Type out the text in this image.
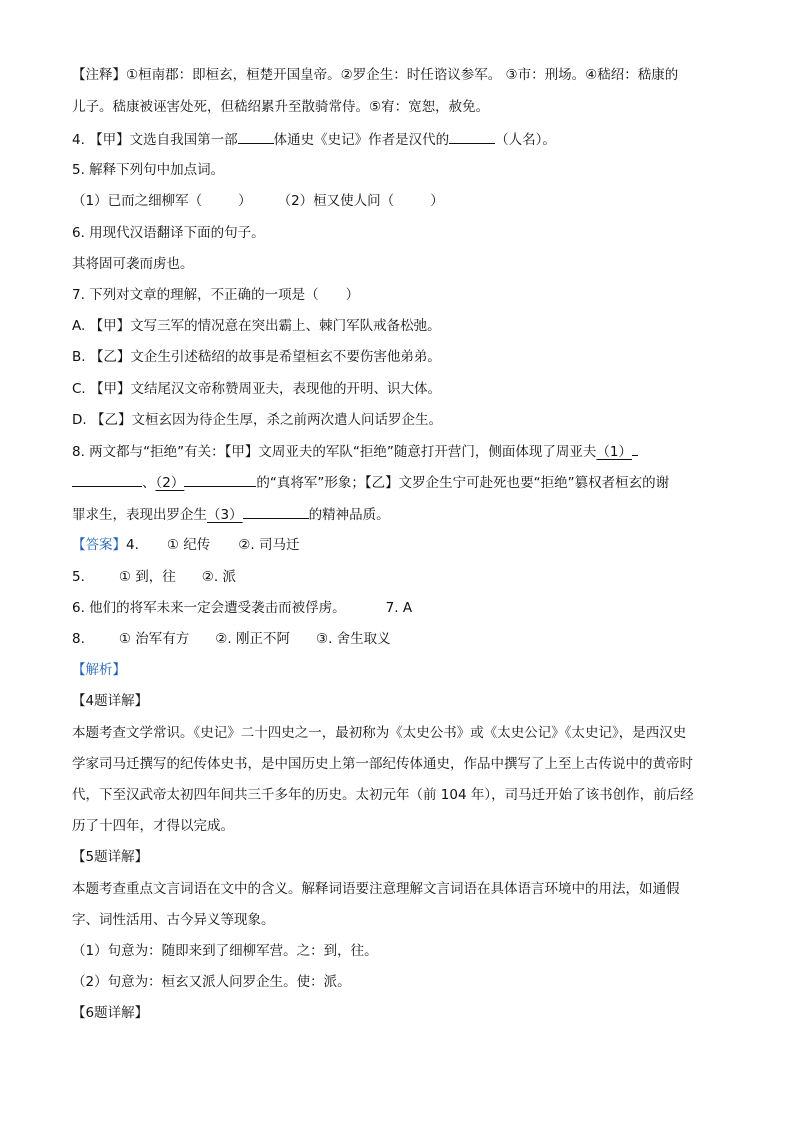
【注释】①桓南郡：即桓玄，桓楚开国皇帝。②罗企生：时任谘议参军。 ③市：刑场。④嵇绍：嵇康的
儿子。嵇康被诬害处死，但嵇绍累升至散骑常侍。⑤宥：宽恕，赦免。
4. 【甲】文选自我国第一部	体通史《史记》作者是汉代的	（人名）。
5. 解释下列句中加点词。
（1）已而之细柳军（	） （2）桓又使人问（	）
6. 用现代汉语翻译下面的句子。
其将固可袭而虏也。
7. 下列对文章的理解，不正确的一项是（　　）
A. 【甲】文写三军的情况意在突出霸上、棘门军队戒备松弛。
B. 【乙】文企生引述嵇绍的故事是希望桓玄不要伤害他弟弟。
C. 【甲】文结尾汉文帝称赞周亚夫，表现他的开明、识大体。
D. 【乙】文桓玄因为待企生厚，杀之前两次遣人问话罗企生。
8. 两文都与“拒绝”有关：【甲】文周亚夫的军队“拒绝”随意打开营门，侧面体现了周亚夫（1）
、（2）	的“真将军”形象；【乙】文罗企生宁可赴死也要“拒绝”篡权者桓玄的谢
罪求生，表现出罗企生（3）	的精神品质。
【答案】4. ① 纪传 ②. 司马迁
5.	① 到，往 ②. 派
6. 他们的将军未来一定会遭受袭击而被俘虏。	7. A
8.	① 治军有方 ②. 刚正不阿 ③. 舍生取义
【解析】
【4题详解】
本题考查文学常识。《史记》二十四史之一，最初称为《太史公书》或《太史公记》《太史记》，是西汉史
学家司马迁撰写的纪传体史书，是中国历史上第一部纪传体通史，作品中撰写了上至上古传说中的黄帝时
代，下至汉武帝太初四年间共三千多年的历史。太初元年（前 104 年），司马迁开始了该书创作，前后经
历了十四年，才得以完成。
【5题详解】
本题考查重点文言词语在文中的含义。解释词语要注意理解文言词语在具体语言环境中的用法，如通假
字、词性活用、古今异义等现象。
（1）句意为：随即来到了细柳军营。之：到，往。
（2）句意为：桓玄又派人问罗企生。使：派。
【6题详解】
